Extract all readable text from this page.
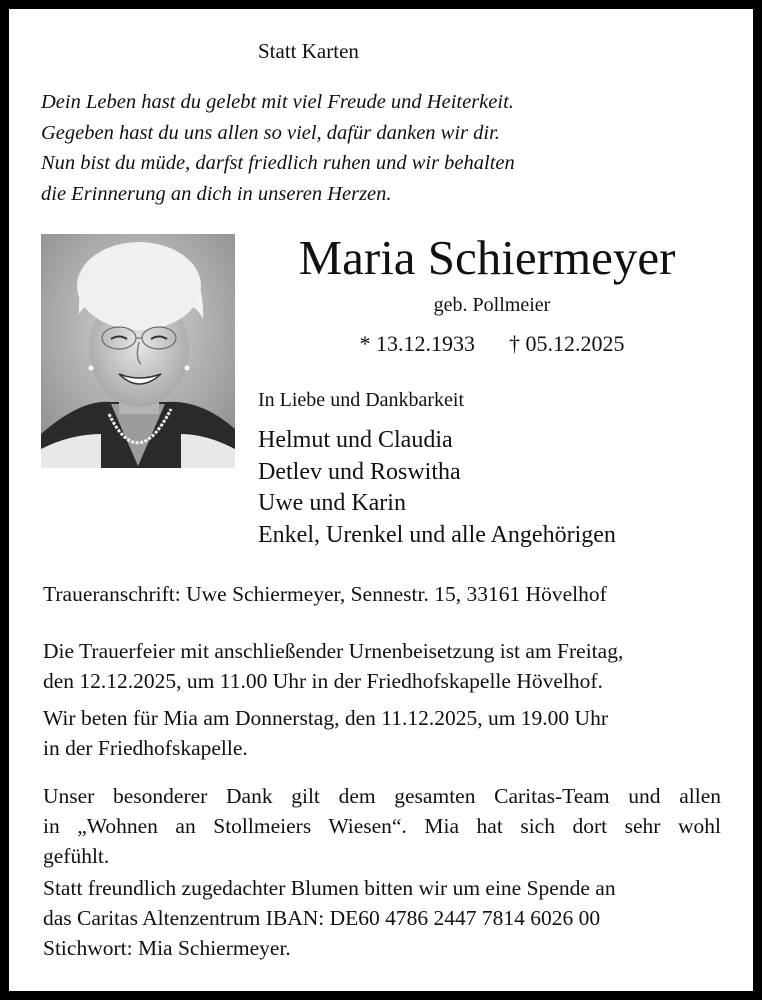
Statt Karten
Dein Leben hast du gelebt mit viel Freude und Heiterkeit.
Gegeben hast du uns allen so viel, dafür danken wir dir.
Nun bist du müde, darfst friedlich ruhen und wir behalten
die Erinnerung an dich in unseren Herzen.
Maria Schiermeyer
geb. Pollmeier
* 13.12.1933 † 05.12.2025
In Liebe und Dankbarkeit
Helmut und Claudia
Detlev und Roswitha
Uwe und Karin
Enkel, Urenkel und alle Angehörigen
Traueranschrift: Uwe Schiermeyer, Sennestr. 15, 33161 Hövelhof
Die Trauerfeier mit anschließender Urnenbeisetzung ist am Freitag,
den 12.12.2025, um 11.00 Uhr in der Friedhofskapelle Hövelhof.
Wir beten für Mia am Donnerstag, den 11.12.2025, um 19.00 Uhr
in der Friedhofskapelle.
Unser besonderer Dank gilt dem gesamten Caritas-Team und allen
in „Wohnen an Stollmeiers Wiesen“. Mia hat sich dort sehr wohl
gefühlt.
Statt freundlich zugedachter Blumen bitten wir um eine Spende an
das Caritas Altenzentrum IBAN: DE60 4786 2447 7814 6026 00
Stichwort: Mia Schiermeyer.
